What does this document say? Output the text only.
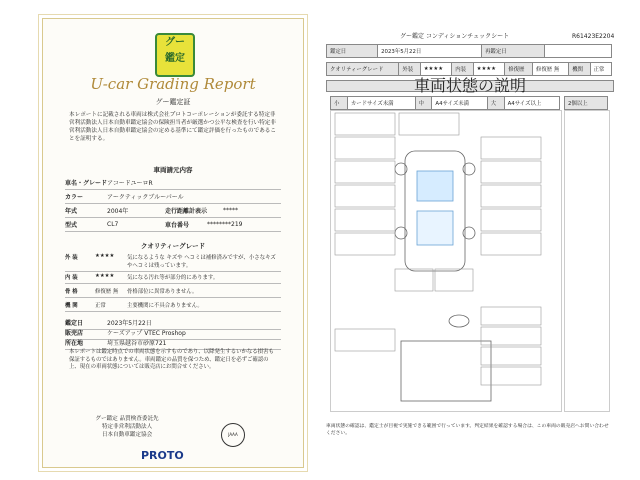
グー
鑑定
U-car Grading Report
グー鑑定証
本レポートに記載される車両は株式会社プロトコーポレーションが委託する特定非営利活動法人日本自動車鑑定協会の保険担当者が厳選かつ公平な検査を行い特定非営利活動法人日本自動車鑑定協会の定める基準にて鑑定評価を行ったものであることを証明する。
車両請元内容
車名・グレード アコードユーロR
カラー	アークティックブルーパール
年式	2004年	走行距離計表示	*****
型式	CL7	車台番号	********219
クオリティーグレード
外 装	★★★★	気になるような キズや ヘコミは補修済みですが、小さなキズやヘコミは残っています。
内 装	★★★★	気になる汚れ等が部分的にあります。
骨 格	修復歴 無	骨格部位に異常ありません。
機 関	正常	主要機関に不具合ありません。
鑑定日	2023年5月22日
販売店	ケーズアップ VTEC Proshop
所在地	埼玉県越谷市砂原721
本レポートは鑑定時点での車両状態を示すものであり、以降発生するいかなる損害も保証するものではありません。車両鑑定の品質を保つため、鑑定日を必ずご確認の上、現在の車両状態については販売店にお問合せください。
グー鑑定 品質検査委託先
特定非営利活動法人
日本自動車鑑定協会	JAAA
PROTO
グー鑑定 コンディションチェックシート	R61423E2204
鑑定日	2023年5月22日	再鑑定日	
クオリティーグレード	外装	★★★★	内装	★★★★	修復歴	修復歴 無	機関	正常
車両状態の説明
小	カードサイズ未満	中	A4サイズ未満	大	A4サイズ以上	2個以上
車両状態の確認は、鑑定士が目視で実施できる範囲で行っています。判定結果を確認する場合は、この車両の販売店へお問い合わせください。
